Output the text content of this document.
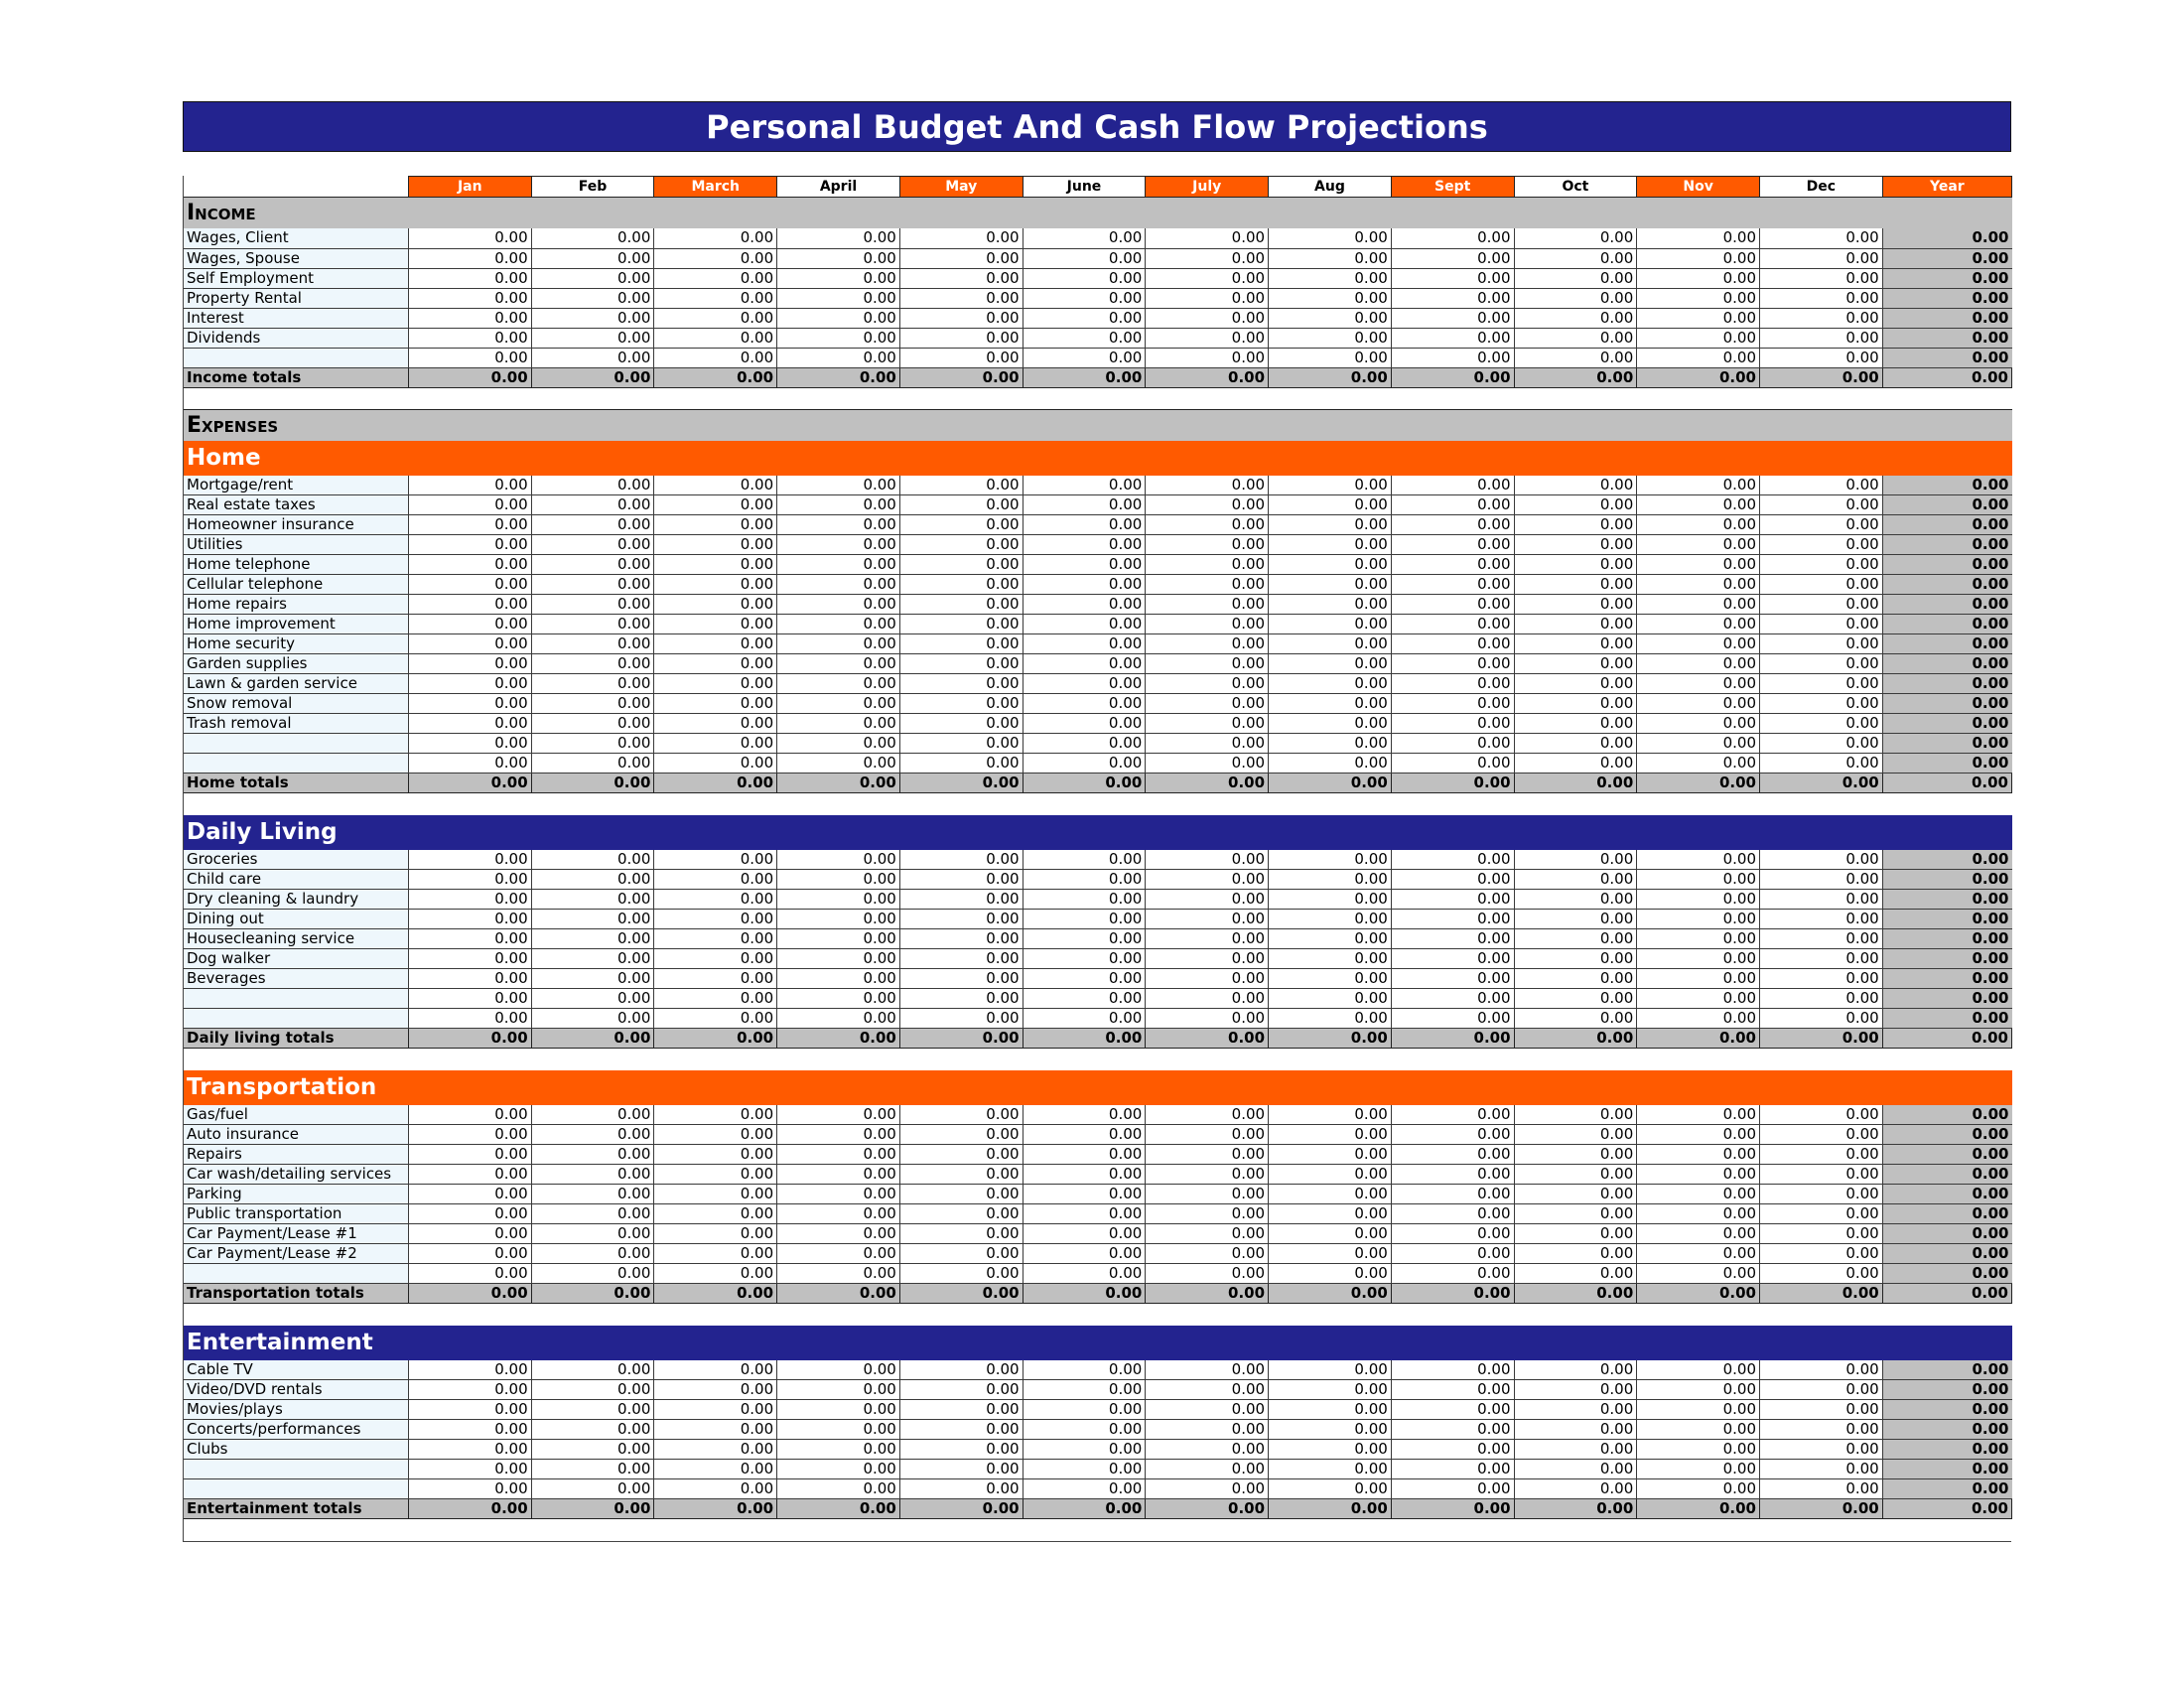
Personal Budget And Cash Flow Projections
	Jan	Feb	March	April	May	June	July	Aug	Sept	Oct	Nov	Dec	Year
Income													
Wages, Client	0.00	0.00	0.00	0.00	0.00	0.00	0.00	0.00	0.00	0.00	0.00	0.00	0.00
Wages, Spouse	0.00	0.00	0.00	0.00	0.00	0.00	0.00	0.00	0.00	0.00	0.00	0.00	0.00
Self Employment	0.00	0.00	0.00	0.00	0.00	0.00	0.00	0.00	0.00	0.00	0.00	0.00	0.00
Property Rental	0.00	0.00	0.00	0.00	0.00	0.00	0.00	0.00	0.00	0.00	0.00	0.00	0.00
Interest	0.00	0.00	0.00	0.00	0.00	0.00	0.00	0.00	0.00	0.00	0.00	0.00	0.00
Dividends	0.00	0.00	0.00	0.00	0.00	0.00	0.00	0.00	0.00	0.00	0.00	0.00	0.00
	0.00	0.00	0.00	0.00	0.00	0.00	0.00	0.00	0.00	0.00	0.00	0.00	0.00
Income totals	0.00	0.00	0.00	0.00	0.00	0.00	0.00	0.00	0.00	0.00	0.00	0.00	0.00

Expenses													
Home													
Mortgage/rent	0.00	0.00	0.00	0.00	0.00	0.00	0.00	0.00	0.00	0.00	0.00	0.00	0.00
Real estate taxes	0.00	0.00	0.00	0.00	0.00	0.00	0.00	0.00	0.00	0.00	0.00	0.00	0.00
Homeowner insurance	0.00	0.00	0.00	0.00	0.00	0.00	0.00	0.00	0.00	0.00	0.00	0.00	0.00
Utilities	0.00	0.00	0.00	0.00	0.00	0.00	0.00	0.00	0.00	0.00	0.00	0.00	0.00
Home telephone	0.00	0.00	0.00	0.00	0.00	0.00	0.00	0.00	0.00	0.00	0.00	0.00	0.00
Cellular telephone	0.00	0.00	0.00	0.00	0.00	0.00	0.00	0.00	0.00	0.00	0.00	0.00	0.00
Home repairs	0.00	0.00	0.00	0.00	0.00	0.00	0.00	0.00	0.00	0.00	0.00	0.00	0.00
Home improvement	0.00	0.00	0.00	0.00	0.00	0.00	0.00	0.00	0.00	0.00	0.00	0.00	0.00
Home security	0.00	0.00	0.00	0.00	0.00	0.00	0.00	0.00	0.00	0.00	0.00	0.00	0.00
Garden supplies	0.00	0.00	0.00	0.00	0.00	0.00	0.00	0.00	0.00	0.00	0.00	0.00	0.00
Lawn & garden service	0.00	0.00	0.00	0.00	0.00	0.00	0.00	0.00	0.00	0.00	0.00	0.00	0.00
Snow removal	0.00	0.00	0.00	0.00	0.00	0.00	0.00	0.00	0.00	0.00	0.00	0.00	0.00
Trash removal	0.00	0.00	0.00	0.00	0.00	0.00	0.00	0.00	0.00	0.00	0.00	0.00	0.00
	0.00	0.00	0.00	0.00	0.00	0.00	0.00	0.00	0.00	0.00	0.00	0.00	0.00
	0.00	0.00	0.00	0.00	0.00	0.00	0.00	0.00	0.00	0.00	0.00	0.00	0.00
Home totals	0.00	0.00	0.00	0.00	0.00	0.00	0.00	0.00	0.00	0.00	0.00	0.00	0.00

Daily Living													
Groceries	0.00	0.00	0.00	0.00	0.00	0.00	0.00	0.00	0.00	0.00	0.00	0.00	0.00
Child care	0.00	0.00	0.00	0.00	0.00	0.00	0.00	0.00	0.00	0.00	0.00	0.00	0.00
Dry cleaning & laundry	0.00	0.00	0.00	0.00	0.00	0.00	0.00	0.00	0.00	0.00	0.00	0.00	0.00
Dining out	0.00	0.00	0.00	0.00	0.00	0.00	0.00	0.00	0.00	0.00	0.00	0.00	0.00
Housecleaning service	0.00	0.00	0.00	0.00	0.00	0.00	0.00	0.00	0.00	0.00	0.00	0.00	0.00
Dog walker	0.00	0.00	0.00	0.00	0.00	0.00	0.00	0.00	0.00	0.00	0.00	0.00	0.00
Beverages	0.00	0.00	0.00	0.00	0.00	0.00	0.00	0.00	0.00	0.00	0.00	0.00	0.00
	0.00	0.00	0.00	0.00	0.00	0.00	0.00	0.00	0.00	0.00	0.00	0.00	0.00
	0.00	0.00	0.00	0.00	0.00	0.00	0.00	0.00	0.00	0.00	0.00	0.00	0.00
Daily living totals	0.00	0.00	0.00	0.00	0.00	0.00	0.00	0.00	0.00	0.00	0.00	0.00	0.00

Transportation													
Gas/fuel	0.00	0.00	0.00	0.00	0.00	0.00	0.00	0.00	0.00	0.00	0.00	0.00	0.00
Auto insurance	0.00	0.00	0.00	0.00	0.00	0.00	0.00	0.00	0.00	0.00	0.00	0.00	0.00
Repairs	0.00	0.00	0.00	0.00	0.00	0.00	0.00	0.00	0.00	0.00	0.00	0.00	0.00
Car wash/detailing services	0.00	0.00	0.00	0.00	0.00	0.00	0.00	0.00	0.00	0.00	0.00	0.00	0.00
Parking	0.00	0.00	0.00	0.00	0.00	0.00	0.00	0.00	0.00	0.00	0.00	0.00	0.00
Public transportation	0.00	0.00	0.00	0.00	0.00	0.00	0.00	0.00	0.00	0.00	0.00	0.00	0.00
Car Payment/Lease #1	0.00	0.00	0.00	0.00	0.00	0.00	0.00	0.00	0.00	0.00	0.00	0.00	0.00
Car Payment/Lease #2	0.00	0.00	0.00	0.00	0.00	0.00	0.00	0.00	0.00	0.00	0.00	0.00	0.00
	0.00	0.00	0.00	0.00	0.00	0.00	0.00	0.00	0.00	0.00	0.00	0.00	0.00
Transportation totals	0.00	0.00	0.00	0.00	0.00	0.00	0.00	0.00	0.00	0.00	0.00	0.00	0.00

Entertainment													
Cable TV	0.00	0.00	0.00	0.00	0.00	0.00	0.00	0.00	0.00	0.00	0.00	0.00	0.00
Video/DVD rentals	0.00	0.00	0.00	0.00	0.00	0.00	0.00	0.00	0.00	0.00	0.00	0.00	0.00
Movies/plays	0.00	0.00	0.00	0.00	0.00	0.00	0.00	0.00	0.00	0.00	0.00	0.00	0.00
Concerts/performances	0.00	0.00	0.00	0.00	0.00	0.00	0.00	0.00	0.00	0.00	0.00	0.00	0.00
Clubs	0.00	0.00	0.00	0.00	0.00	0.00	0.00	0.00	0.00	0.00	0.00	0.00	0.00
	0.00	0.00	0.00	0.00	0.00	0.00	0.00	0.00	0.00	0.00	0.00	0.00	0.00
	0.00	0.00	0.00	0.00	0.00	0.00	0.00	0.00	0.00	0.00	0.00	0.00	0.00
Entertainment totals	0.00	0.00	0.00	0.00	0.00	0.00	0.00	0.00	0.00	0.00	0.00	0.00	0.00
